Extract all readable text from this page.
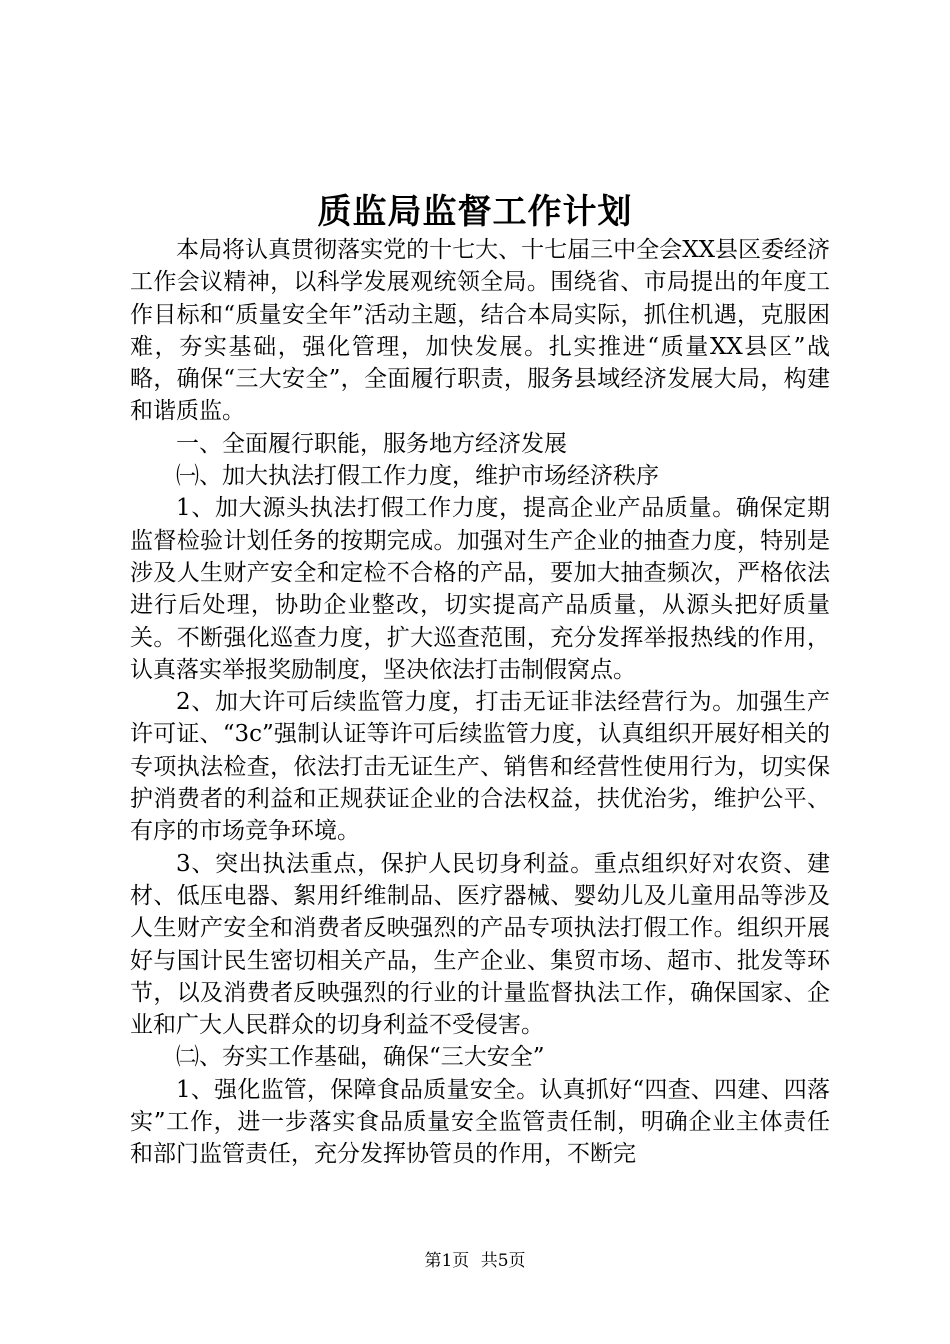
质监局监督工作计划

本局将认真贯彻落实党的十七大、十七届三中全会XX县区委经济工作会议精神，以科学发展观统领全局。围绕省、市局提出的年度工作目标和“质量安全年”活动主题，结合本局实际，抓住机遇，克服困难，夯实基础，强化管理，加快发展。扎实推进“质量XX县区”战略，确保“三大安全”，全面履行职责，服务县域经济发展大局，构建和谐质监。

一、全面履行职能，服务地方经济发展

㈠、加大执法打假工作力度，维护市场经济秩序

1、加大源头执法打假工作力度，提高企业产品质量。确保定期监督检验计划任务的按期完成。加强对生产企业的抽查力度，特别是涉及人生财产安全和定检不合格的产品，要加大抽查频次，严格依法进行后处理，协助企业整改，切实提高产品质量，从源头把好质量关。不断强化巡查力度，扩大巡查范围，充分发挥举报热线的作用，认真落实举报奖励制度，坚决依法打击制假窝点。

2、加大许可后续监管力度，打击无证非法经营行为。加强生产许可证、“3c”强制认证等许可后续监管力度，认真组织开展好相关的专项执法检查，依法打击无证生产、销售和经营性使用行为，切实保护消费者的利益和正规获证企业的合法权益，扶优治劣，维护公平、有序的市场竞争环境。

3、突出执法重点，保护人民切身利益。重点组织好对农资、建材、低压电器、絮用纤维制品、医疗器械、婴幼儿及儿童用品等涉及人生财产安全和消费者反映强烈的产品专项执法打假工作。组织开展好与国计民生密切相关产品，生产企业、集贸市场、超市、批发等环节，以及消费者反映强烈的行业的计量监督执法工作，确保国家、企业和广大人民群众的切身利益不受侵害。

㈡、夯实工作基础，确保“三大安全”

1、强化监管，保障食品质量安全。认真抓好“四查、四建、四落实”工作，进一步落实食品质量安全监管责任制，明确企业主体责任和部门监管责任，充分发挥协管员的作用，不断完

第1页 共5页
